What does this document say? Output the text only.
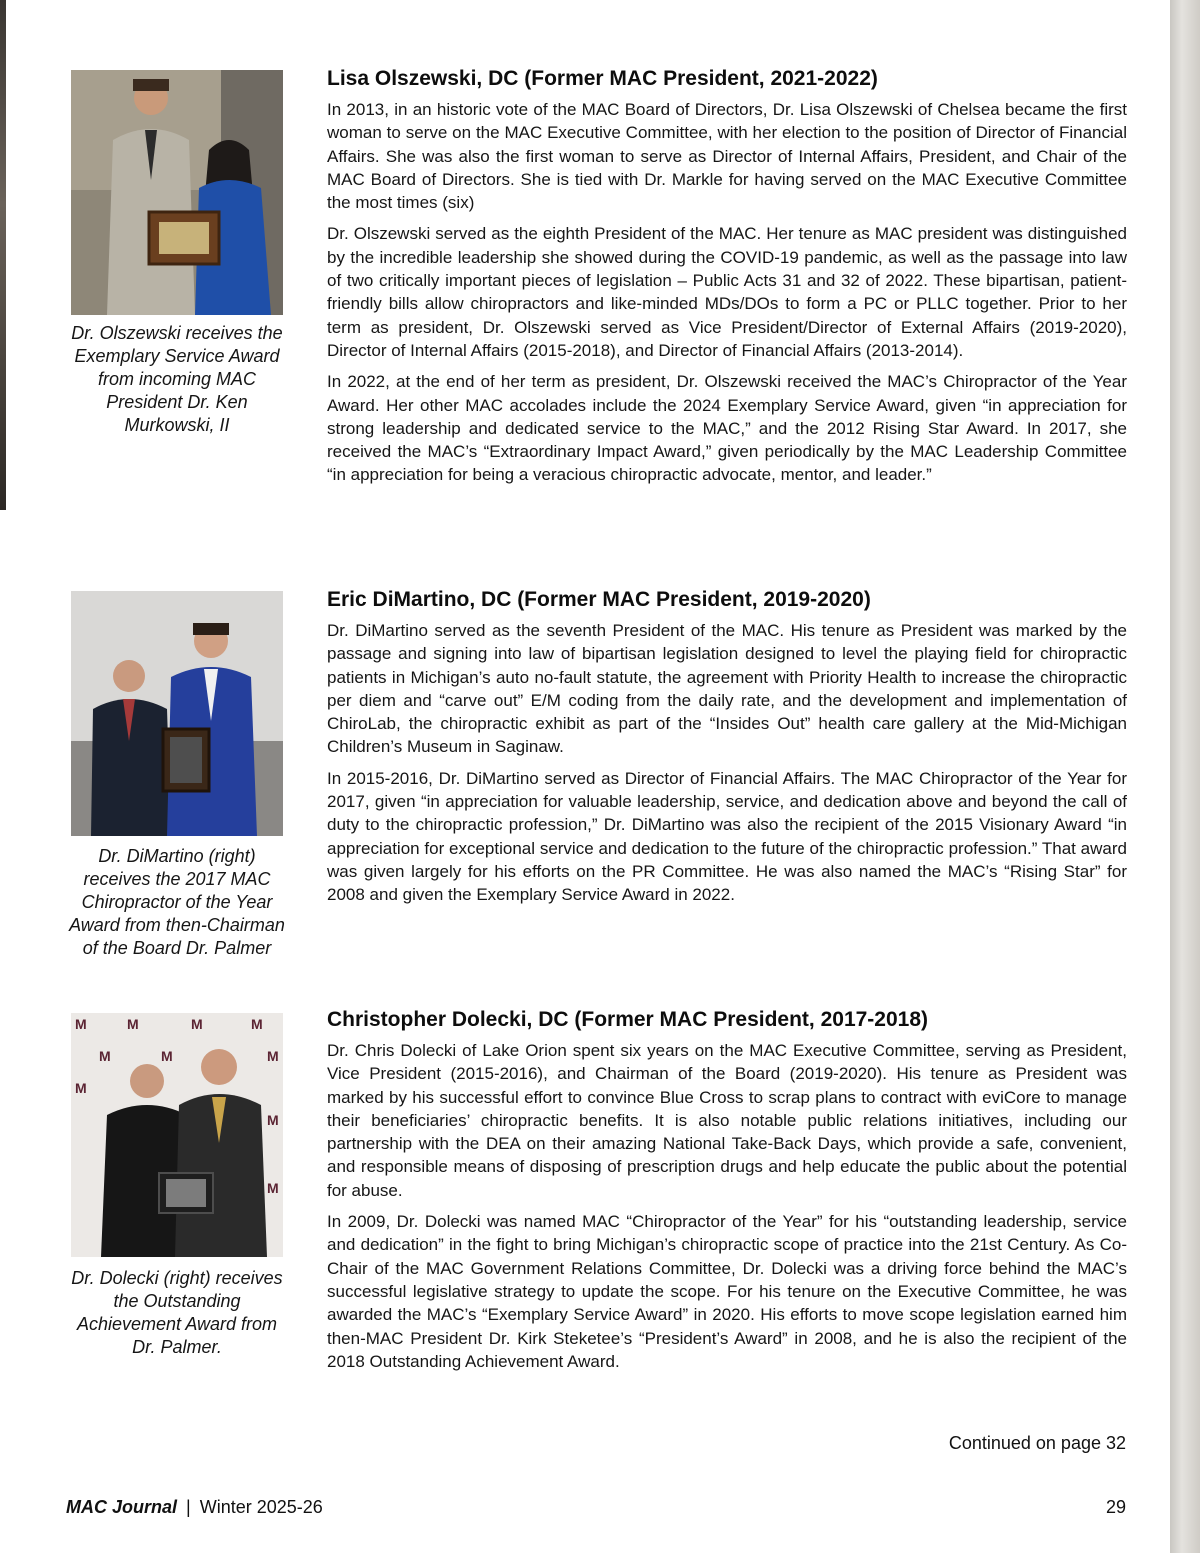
Dr. Olszewski receives the Exemplary Service Award from incoming MAC President Dr. Ken Murkowski, II
Lisa Olszewski, DC (Former MAC President, 2021-2022)

In 2013, in an historic vote of the MAC Board of Directors, Dr. Lisa Olszewski of Chelsea became the first woman to serve on the MAC Executive Committee, with her election to the position of Director of Financial Affairs. She was also the first woman to serve as Director of Internal Affairs, President, and Chair of the MAC Board of Directors. She is tied with Dr. Markle for having served on the MAC Executive Committee the most times (six)

Dr. Olszewski served as the eighth President of the MAC. Her tenure as MAC president was distinguished by the incredible leadership she showed during the COVID-19 pandemic, as well as the passage into law of two critically important pieces of legislation – Public Acts 31 and 32 of 2022. These bipartisan, patient-friendly bills allow chiropractors and like-minded MDs/DOs to form a PC or PLLC together. Prior to her term as president, Dr. Olszewski served as Vice President/Director of External Affairs (2019-2020), Director of Internal Affairs (2015-2018), and Director of Financial Affairs (2013-2014).

In 2022, at the end of her term as president, Dr. Olszewski received the MAC’s Chiropractor of the Year Award. Her other MAC accolades include the 2024 Exemplary Service Award, given “in appreciation for strong leadership and dedicated service to the MAC,” and the 2012 Rising Star Award. In 2017, she received the MAC’s “Extraordinary Impact Award,” given periodically by the MAC Leadership Committee “in appreciation for being a veracious chiropractic advocate, mentor, and leader.”

Dr. DiMartino (right) receives the 2017 MAC Chiropractor of the Year Award from then-Chairman of the Board Dr. Palmer
Eric DiMartino, DC (Former MAC President, 2019-2020)

Dr. DiMartino served as the seventh President of the MAC. His tenure as President was marked by the passage and signing into law of bipartisan legislation designed to level the playing field for chiropractic patients in Michigan’s auto no-fault statute, the agreement with Priority Health to increase the chiropractic per diem and “carve out” E/M coding from the daily rate, and the development and implementation of ChiroLab, the chiropractic exhibit as part of the “Insides Out” health care gallery at the Mid-Michigan Children’s Museum in Saginaw.

In 2015-2016, Dr. DiMartino served as Director of Financial Affairs. The MAC Chiropractor of the Year for 2017, given “in appreciation for valuable leadership, service, and dedication above and beyond the call of duty to the chiropractic profession,” Dr. DiMartino was also the recipient of the 2015 Visionary Award “in appreciation for exceptional service and dedication to the future of the chiropractic profession.” That award was given largely for his efforts on the PR Committee. He was also named the MAC’s “Rising Star” for 2008 and given the Exemplary Service Award in 2022.

M	M	M	M
M	M	M
M
M
M
Dr. Dolecki (right) receives the Outstanding Achievement Award from Dr. Palmer.
Christopher Dolecki, DC (Former MAC President, 2017-2018)

Dr. Chris Dolecki of Lake Orion spent six years on the MAC Executive Committee, serving as President, Vice President (2015-2016), and Chairman of the Board (2019-2020). His tenure as President was marked by his successful effort to convince Blue Cross to scrap plans to contract with eviCore to manage their beneficiaries’ chiropractic benefits. It is also notable public relations initiatives, including our partnership with the DEA on their amazing National Take-Back Days, which provide a safe, convenient, and responsible means of disposing of prescription drugs and help educate the public about the potential for abuse.

In 2009, Dr. Dolecki was named MAC “Chiropractor of the Year” for his “outstanding leadership, service and dedication” in the fight to bring Michigan’s chiropractic scope of practice into the 21st Century. As Co-Chair of the MAC Government Relations Committee, Dr. Dolecki was a driving force behind the MAC’s successful legislative strategy to update the scope. For his tenure on the Executive Committee, he was awarded the MAC’s “Exemplary Service Award” in 2020. His efforts to move scope legislation earned him then-MAC President Dr. Kirk Steketee’s “President’s Award” in 2008, and he is also the recipient of the 2018 Outstanding Achievement Award.

Continued on page 32
MAC Journal | Winter 2025-26	29
